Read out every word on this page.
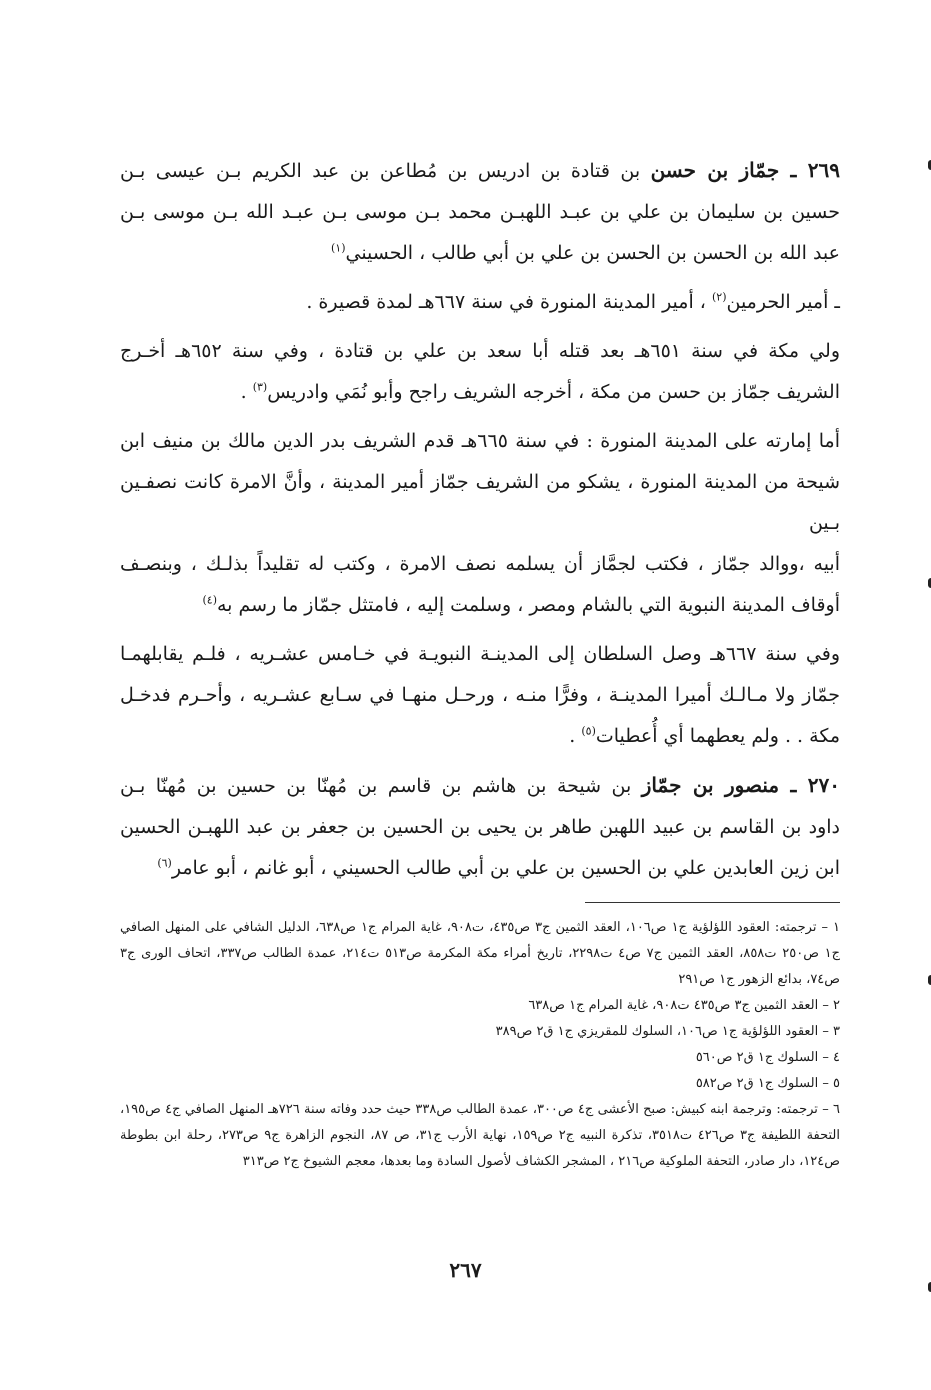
٢٦٩ ـ جمّاز بن حسن بن قتادة بن ادريس بن مُطاعن بن عبد الكريم بـن عيسى بـن
حسين بن سليمان بن علي بن عبـد اللهبـن محمد بـن موسى بـن عبـد الله بـن موسى بـن
عبد الله بن الحسن بن الحسن بن علي بن أبي طالب ، الحسيني$^{(١)}$
ـ أمير الحرمين$^{(٢)}$ ، أمير المدينة المنورة في سنة ٦٦٧هـ لمدة قصيرة .
ولي مكة في سنة ٦٥١هـ بعد قتله أبا سعد بن علي بن قتادة ، وفي سنة ٦٥٢هـ أخـرج
الشريف جمّاز بن حسن من مكة ، أخرجه الشريف راجح وأبو نُمَي وادريس$^{(٣)}$ .
أما إمارته على المدينة المنورة : في سنة ٦٦٥هـ قدم الشريف بدر الدين مالك بن منيف ابن
شيحة من المدينة المنورة ، يشكو من الشريف جمّاز أمير المدينة ، وأنَّ الامرة كانت نصفـين بـين
أبيه ،ووالد جمّاز ، فكتب لجمَّاز أن يسلمه نصف الامرة ، وكتب له تقليداً بذلـك ، وبنصـف
أوقاف المدينة النبوية التي بالشام ومصر ، وسلمت إليه ، فامتثل جمّاز ما رسم به$^{(٤)}$
وفي سنة ٦٦٧هـ وصل السلطان إلى المدينـة النبويـة في خـامس عشـريه ، فلـم يقابلهمـا
جمّاز ولا مـالـك أميرا المدينـة ، وفرًّا منـه ، ورحـل منهـا في سـابع عشـريه ، وأحـرم فدخـل
مكة . . ولم يعطهما أي أُعطيات$^{(٥)}$ .
٢٧٠ ـ منصور بن جمّاز بن شيحة بن هاشم بن قاسم بن مُهنّا بن حسين بن مُهنّا بـن
داود بن القاسم بن عبيد اللهبن طاهر بن يحيى بن الحسين بن جعفر بن عبد اللهبـن الحسين
ابن زين العابدين علي بن الحسين بن علي بن أبي طالب الحسيني ، أبو غانم ، أبو عامر$^{(٦)}$

١ – ترجمته: العقود اللؤلؤية ج١ ص١٠٦، العقد الثمين ج٣ ص٤٣٥، ت٩٠٨، غاية المرام ج١ ص٦٣٨، الدليل الشافي على المنهل الصافي ج١ ص٢٥٠ ت٨٥٨، العقد الثمين ج٧ ص٤ ت٢٢٩٨، تاريخ أمراء مكة المكرمة ص٥١٣ ت٢١٤، عمدة الطالب ص٣٣٧، اتحاف الورى ج٣ ص٧٤، بدائع الزهور ج١ ص٢٩١

٢ – العقد الثمين ج٣ ص٤٣٥ ت٩٠٨، غاية المرام ج١ ص٦٣٨

٣ – العقود اللؤلؤية ج١ ص١٠٦، السلوك للمقريزي ج١ ق٢ ص٣٨٩

٤ – السلوك ج١ ق٢ ص٥٦٠

٥ – السلوك ج١ ق٢ ص٥٨٢

٦ – ترجمته: وترجمة ابنه كبيش: صبح الأعشى ج٤ ص٣٠٠، عمدة الطالب ص٣٣٨ حيث حدد وفاته سنة ٧٢٦هـ المنهل الصافي ج٤ ص١٩٥، التحفة اللطيفة ج٣ ص٤٢٦ ت٣٥١٨، تذكرة النبيه ج٢ ص١٥٩، نهاية الأرب ج٣١، ص ٨٧، النجوم الزاهرة ج٩ ص٢٧٣، رحلة ابن بطوطة ص١٢٤، دار صادر، التحفة الملوكية ص٢١٦ ، المشجر الكشاف لأصول السادة وما بعدها، معجم الشيوخ ج٢ ص٣١٣

٢٦٧
